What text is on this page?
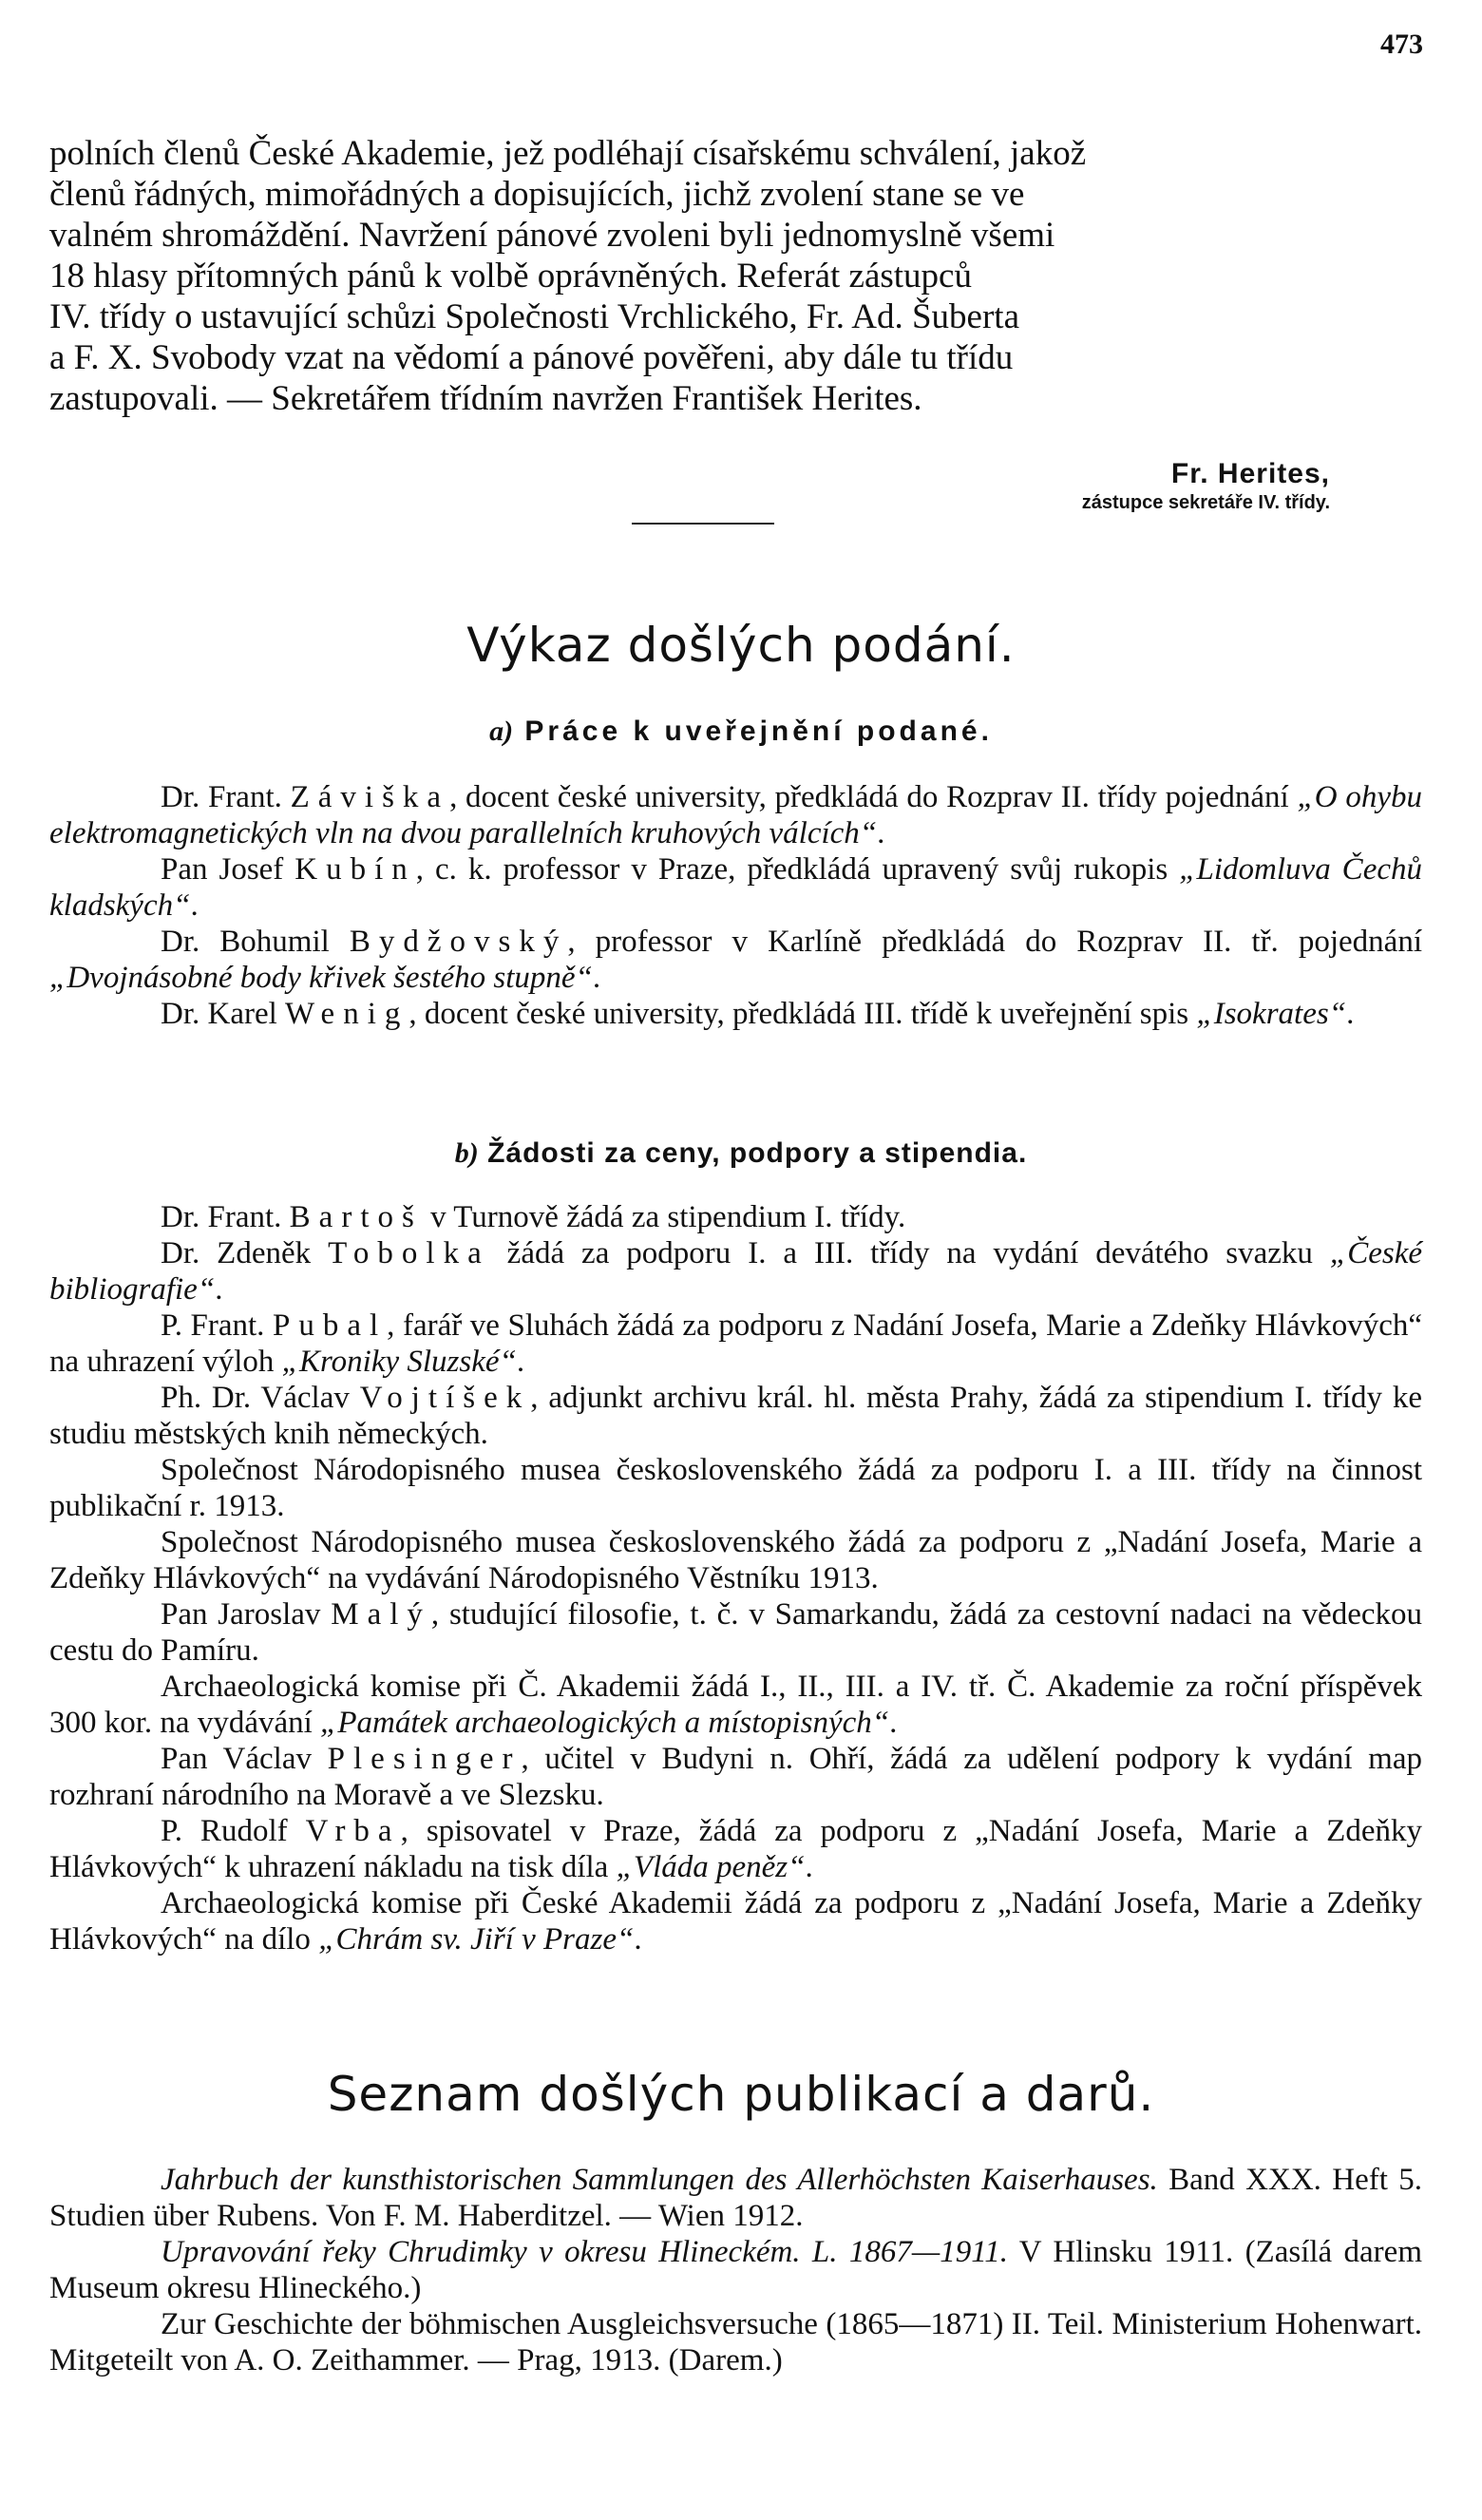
473

polních členů České Akademie, jež podléhají císařskému schválení, jakož

členů řádných, mimořádných a dopisujících, jichž zvolení stane se ve

valném shromáždění. Navržení pánové zvoleni byli jednomyslně všemi

18 hlasy přítomných pánů k volbě oprávněných. Referát zástupců

IV. třídy o ustavující schůzi Společnosti Vrchlického, Fr. Ad. Šuberta

a F. X. Svobody vzat na vědomí a pánové pověřeni, aby dále tu třídu

zastupovali. — Sekretářem třídním navržen František Herites.

Fr. Herites,
zástupce sekretáře IV. třídy.
Výkaz došlých podání.
a) Práce k uveřejnění podané.

Dr. Frant. Záviška, docent české university, předkládá do Rozprav II. třídy pojednání „O ohybu elektromagnetických vln na dvou parallelních kruhových válcích“.

Pan Josef Kubín, c. k. professor v Praze, předkládá upravený svůj rukopis „Lidomluva Čechů kladských“.

Dr. Bohumil Bydžovský, professor v Karlíně předkládá do Rozprav II. tř. pojednání „Dvojnásobné body křivek šestého stupně“.

Dr. Karel Wenig, docent české university, předkládá III. třídě k uveřejnění spis „Isokrates“.

b) Žádosti za ceny, podpory a stipendia.

Dr. Frant. Bartoš v Turnově žádá za stipendium I. třídy.

Dr. Zdeněk Tobolka žádá za podporu I. a III. třídy na vydání devátého svazku „České bibliografie“.

P. Frant. Pubal, farář ve Sluhách žádá za podporu z Nadání Josefa, Marie a Zdeňky Hlávkových“ na uhrazení výloh „Kroniky Sluzské“.

Ph. Dr. Václav Vojtíšek, adjunkt archivu král. hl. města Prahy, žádá za stipendium I. třídy ke studiu městských knih německých.

Společnost Národopisného musea československého žádá za podporu I. a III. třídy na činnost publikační r. 1913.

Společnost Národopisného musea československého žádá za podporu z „Nadání Josefa, Marie a Zdeňky Hlávkových“ na vydávání Národopisného Věstníku 1913.

Pan Jaroslav Malý, studující filosofie, t. č. v Samarkandu, žádá za cestovní nadaci na vědeckou cestu do Pamíru.

Archaeologická komise při Č. Akademii žádá I., II., III. a IV. tř. Č. Akademie za roční příspěvek 300 kor. na vydávání „Památek archaeologických a místopisných“.

Pan Václav Plesinger, učitel v Budyni n. Ohří, žádá za udělení podpory k vydání map rozhraní národního na Moravě a ve Slezsku.

P. Rudolf Vrba, spisovatel v Praze, žádá za podporu z „Nadání Josefa, Marie a Zdeňky Hlávkových“ k uhrazení nákladu na tisk díla „Vláda peněz“.

Archaeologická komise při České Akademii žádá za podporu z „Nadání Josefa, Marie a Zdeňky Hlávkových“ na dílo „Chrám sv. Jiří v Praze“.

Seznam došlých publikací a darů.

Jahrbuch der kunsthistorischen Sammlungen des Allerhöchsten Kaiserhauses. Band XXX. Heft 5. Studien über Rubens. Von F. M. Haberditzel. — Wien 1912.

Upravování řeky Chrudimky v okresu Hlineckém. L. 1867—1911. V Hlinsku 1911. (Zasílá darem Museum okresu Hlineckého.)

Zur Geschichte der böhmischen Ausgleichsversuche (1865—1871) II. Teil. Ministerium Hohenwart. Mitgeteilt von A. O. Zeithammer. — Prag, 1913. (Darem.)
